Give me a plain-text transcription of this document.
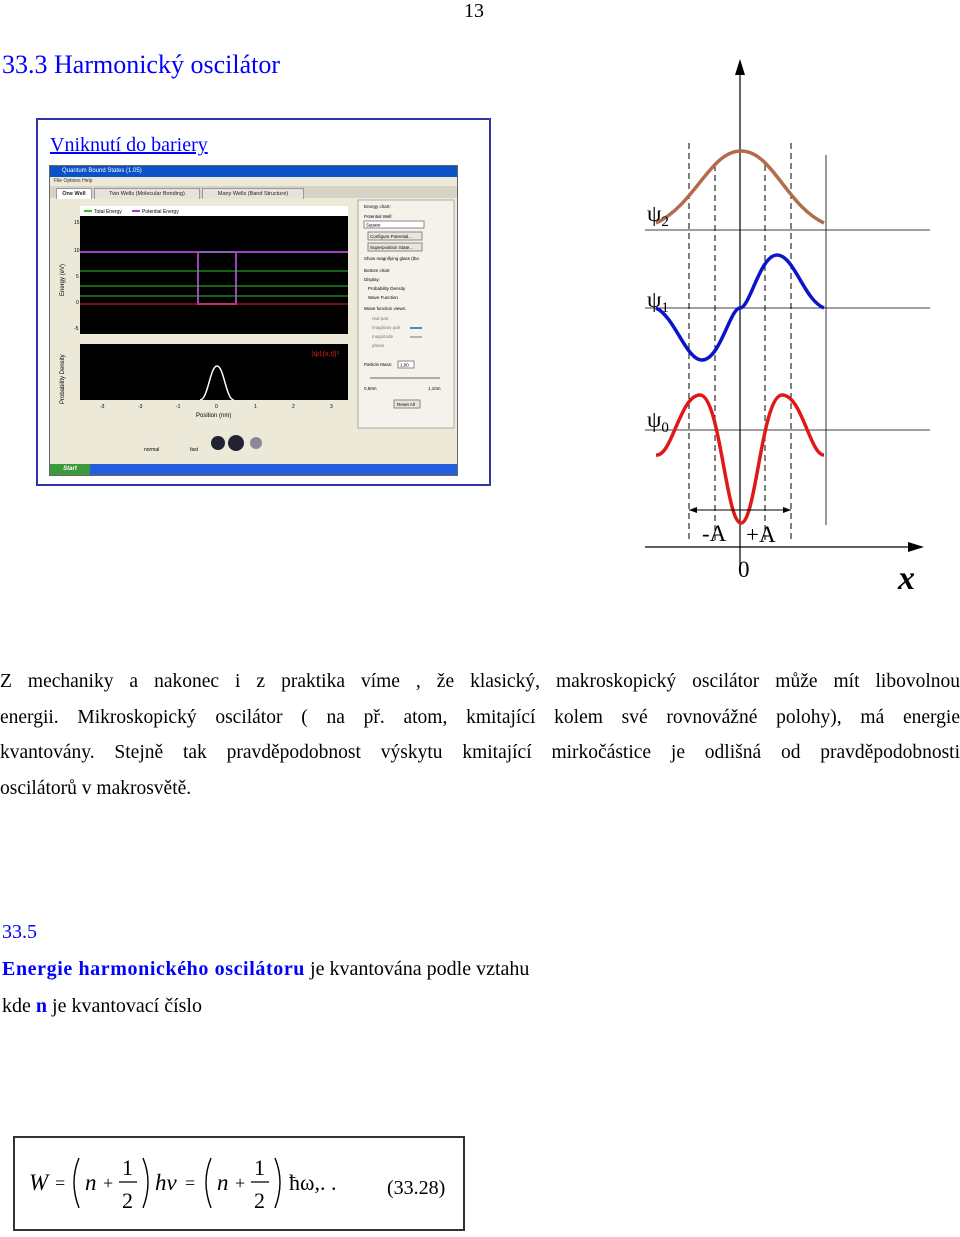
13
33.3 Harmonický oscilátor
Vniknutí do bariery
Quantum Bound States (1.05)
File Options Help
One Well	Two Wells (Molecular Bonding)	Many Wells (Band Structure)
Total Energy	Potential Energy
Energy (eV)
15
10
5
0
-5
|ψ1(x,t)|²
Probability Density
-3	-3	-1	0	1	2	3
Position (nm)
normal	fast
Energy chart:
Potential Well:
Square
Configure Potential...
Superposition State...
Show magnifying glass (tbo
Bottom chart
Display:
Probability Density
Wave Function
Wave function views:
real part
imaginary part
magnitude
phase
Particle Mass: 1,00
0,50m	1,10m
Reset All
Start
$\psi_2$
$\psi_1$
$\psi_0$
-A +A
0	x
Z mechaniky a nakonec i z praktika víme , že klasický, makroskopický oscilátor může mít libovolnou
energii. Mikroskopický oscilátor ( na př. atom, kmitající kolem své rovnovážné polohy), má energie
kvantovány. Stejně tak pravděpodobnost výskytu kmitající mirkočástice je odlišná od pravděpodobnosti
oscilátorů v makrosvětě.
33.5
Energie harmonického oscilátoru je kvantována podle vztahu
kde n je kvantovací číslo
W = n +
1
2
hν = n +
1
2
ħω,. .	(33.28)
